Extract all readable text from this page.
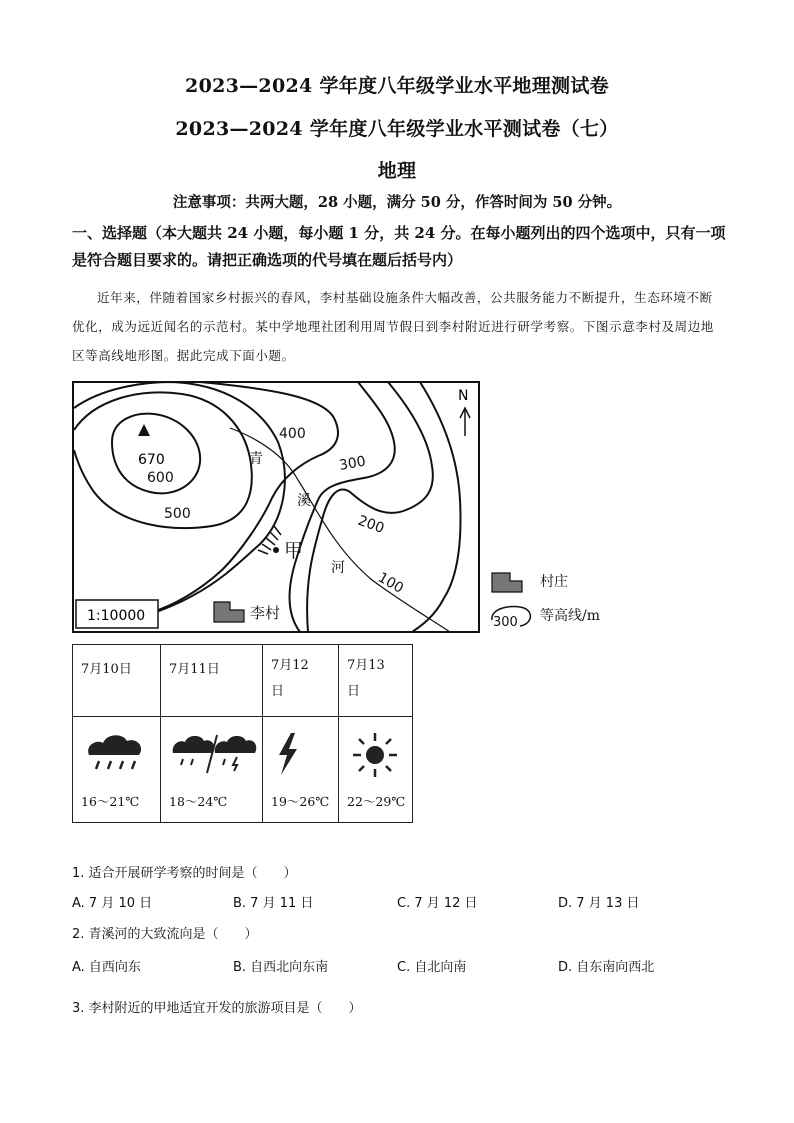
2023—2024 学年度八年级学业水平地理测试卷
2023—2024 学年度八年级学业水平测试卷（七）
地理
注意事项：共两大题，28 小题，满分 50 分，作答时间为 50 分钟。
一、选择题（本大题共 24 小题，每小题 1 分，共 24 分。在每小题列出的四个选项中，只有一项是符合题目要求的。请把正确选项的代号填在题后括号内）
近年来，伴随着国家乡村振兴的春风，李村基础设施条件大幅改善，公共服务能力不断提升，生态环境不断优化，成为远近闻名的示范村。某中学地理社团利用周节假日到李村附近进行研学考察。下图示意李村及周边地区等高线地形图。据此完成下面小题。
670
600
500
400
300
200
100
青
溪
河
N
甲
李村
1:10000
村庄
300 等高线/m
7月10日	7月11日	7月12日	7月13日

16～21℃	18～24℃	19～26℃	22～29℃
1. 适合开展研学考察的时间是（　　）
A. 7 月 10 日	B. 7 月 11 日	C. 7 月 12 日	D. 7 月 13 日
2. 青溪河的大致流向是（　　）
A. 自西向东	B. 自西北向东南	C. 自北向南	D. 自东南向西北
3. 李村附近的甲地适宜开发的旅游项目是（　　）
